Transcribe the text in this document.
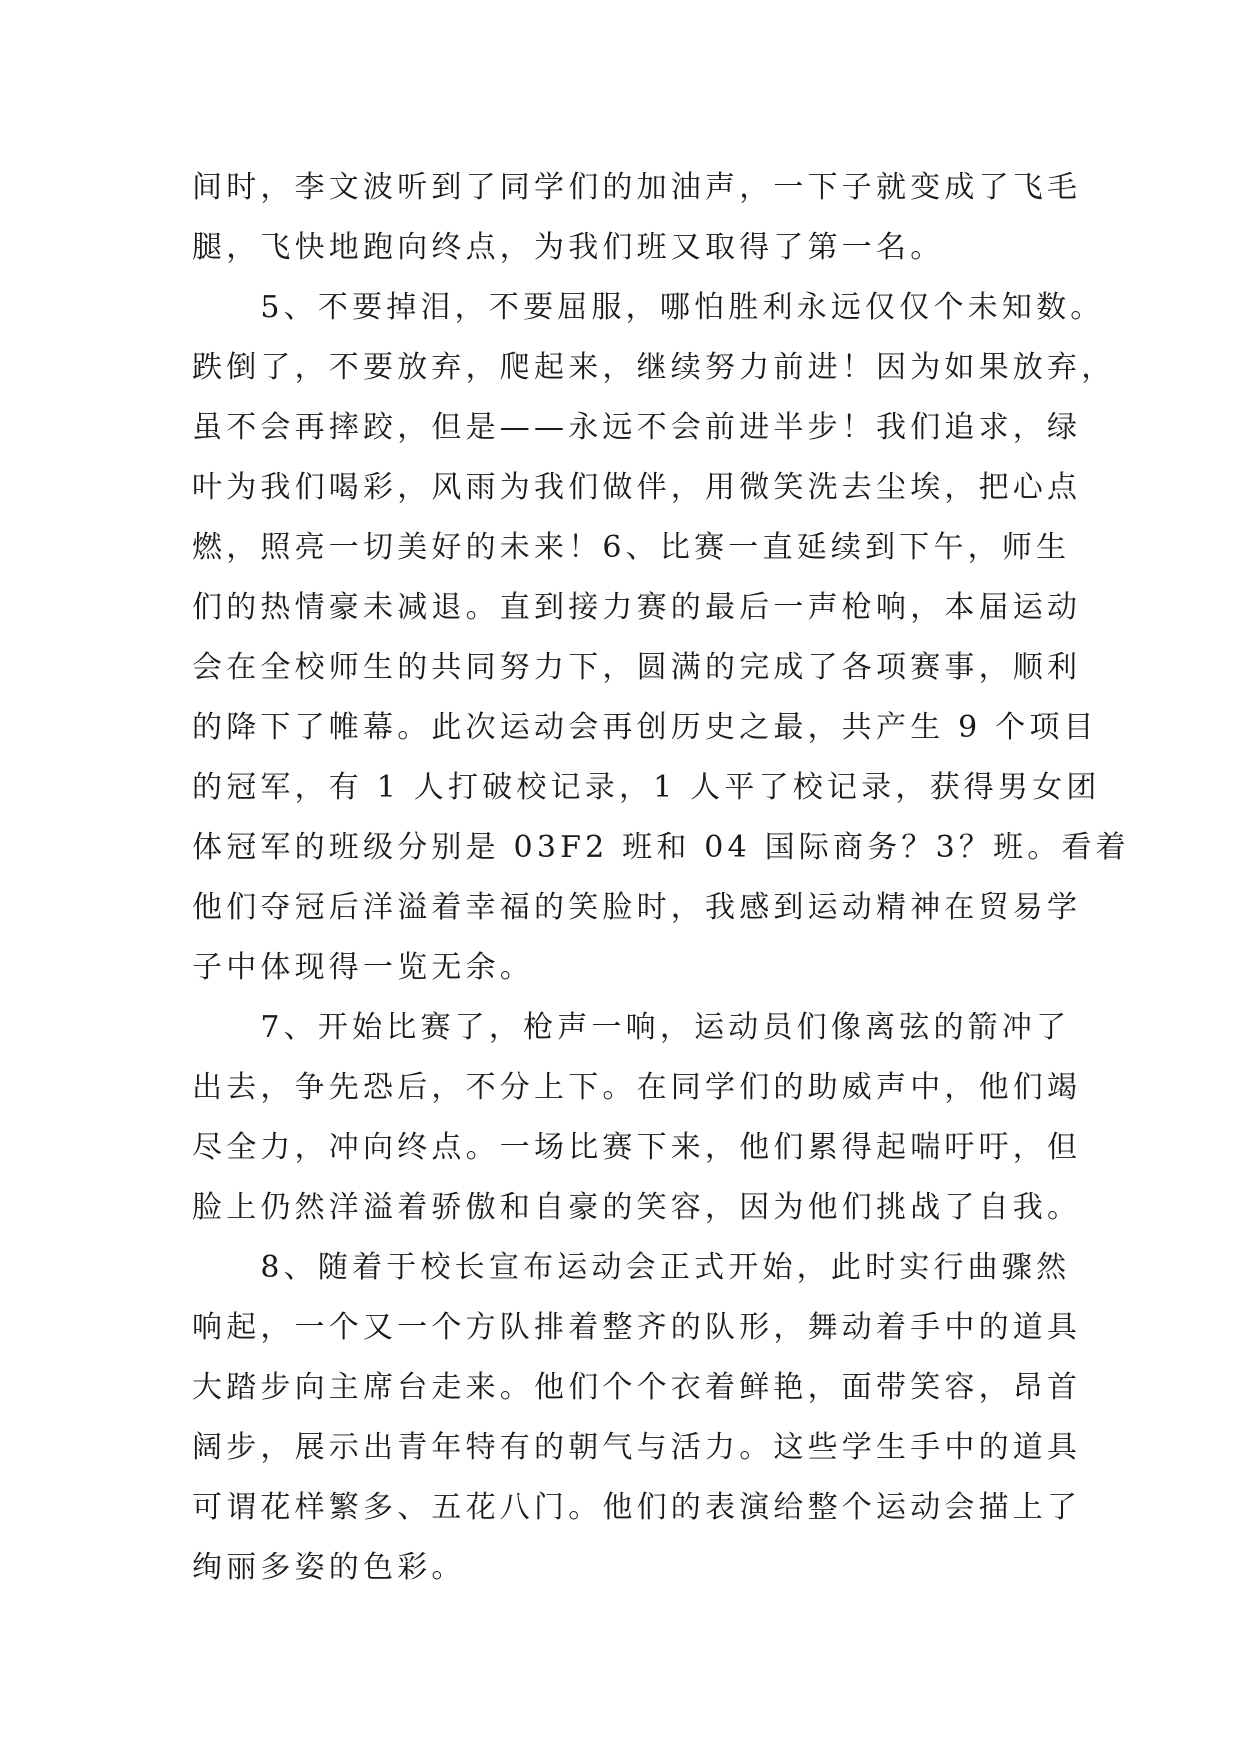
间时，李文波听到了同学们的加油声，一下子就变成了飞毛
腿，飞快地跑向终点，为我们班又取得了第一名。
　　5、不要掉泪，不要屈服，哪怕胜利永远仅仅个未知数。
跌倒了，不要放弃，爬起来，继续努力前进！因为如果放弃，
虽不会再摔跤，但是——永远不会前进半步！我们追求，绿
叶为我们喝彩，风雨为我们做伴，用微笑洗去尘埃，把心点
燃，照亮一切美好的未来！6、比赛一直延续到下午，师生
们的热情豪未减退。直到接力赛的最后一声枪响，本届运动
会在全校师生的共同努力下，圆满的完成了各项赛事，顺利
的降下了帷幕。此次运动会再创历史之最，共产生 9 个项目
的冠军，有 1 人打破校记录，1 人平了校记录，获得男女团
体冠军的班级分别是 03F2 班和 04 国际商务？3？班。看着
他们夺冠后洋溢着幸福的笑脸时，我感到运动精神在贸易学
子中体现得一览无余。
　　7、开始比赛了，枪声一响，运动员们像离弦的箭冲了
出去，争先恐后，不分上下。在同学们的助威声中，他们竭
尽全力，冲向终点。一场比赛下来，他们累得起喘吁吁，但
脸上仍然洋溢着骄傲和自豪的笑容，因为他们挑战了自我。
　　8、随着于校长宣布运动会正式开始，此时实行曲骤然
响起，一个又一个方队排着整齐的队形，舞动着手中的道具
大踏步向主席台走来。他们个个衣着鲜艳，面带笑容，昂首
阔步，展示出青年特有的朝气与活力。这些学生手中的道具
可谓花样繁多、五花八门。他们的表演给整个运动会描上了
绚丽多姿的色彩。
